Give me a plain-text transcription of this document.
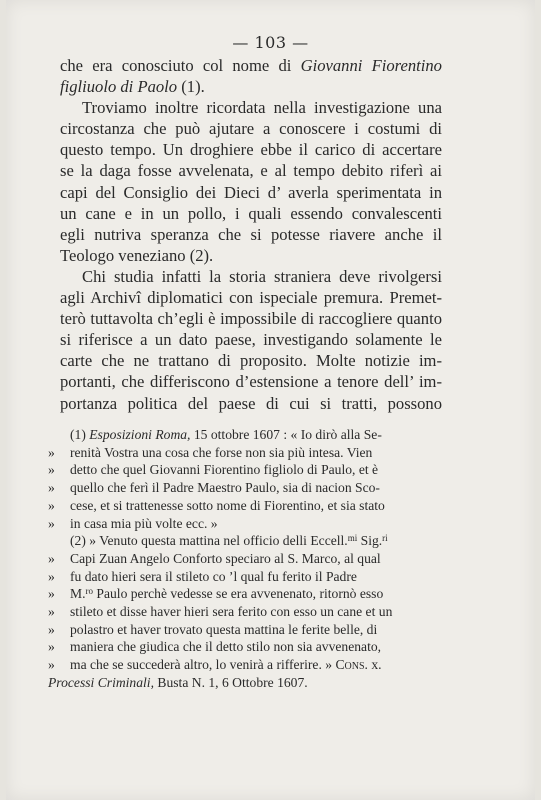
— 103 —
che era conosciuto col nome di Giovanni Fiorentino
figliuolo di Paolo (1).
Troviamo inoltre ricordata nella investigazione una
circostanza che può ajutare a conoscere i costumi di
questo tempo. Un droghiere ebbe il carico di accertare
se la daga fosse avvelenata, e al tempo debito riferì ai
capi del Consiglio dei Dieci d’ averla sperimentata in
un cane e in un pollo, i quali essendo convalescenti
egli nutriva speranza che si potesse riavere anche il
Teologo veneziano (2).
Chi studia infatti la storia straniera deve rivolgersi
agli Archivî diplomatici con ispeciale premura. Premet-
terò tuttavolta ch’egli è impossibile di raccogliere quanto
si riferisce a un dato paese, investigando solamente le
carte che ne trattano di proposito. Molte notizie im-
portanti, che differiscono d’estensione a tenore dell’ im-
portanza politica del paese di cui si tratti, possono
(1) Esposizioni Roma, 15 ottobre 1607 : « Io dirò alla Se-
» renità Vostra una cosa che forse non sia più intesa. Vien
» detto che quel Giovanni Fiorentino figliolo di Paulo, et è
» quello che ferì il Padre Maestro Paulo, sia di nacion Sco-
» cese, et si trattenesse sotto nome di Fiorentino, et sia stato
» in casa mia più volte ecc. »
(2) » Venuto questa mattina nel officio delli Eccell.$^{mi}$ Sig.$^{ri}$
» Capi Zuan Angelo Conforto speciaro al S. Marco, al qual
» fu dato hieri sera il stileto co ’l qual fu ferito il Padre
» M.$^{ro}$ Paulo perchè vedesse se era avvenenato, ritornò esso
» stileto et disse haver hieri sera ferito con esso un cane et un
» polastro et haver trovato questa mattina le ferite belle, di
» maniera che giudica che il detto stilo non sia avvenenato,
» ma che se succederà altro, lo venirà a rifferire. » Cons. x.
Processi Criminali, Busta N. 1, 6 Ottobre 1607.
